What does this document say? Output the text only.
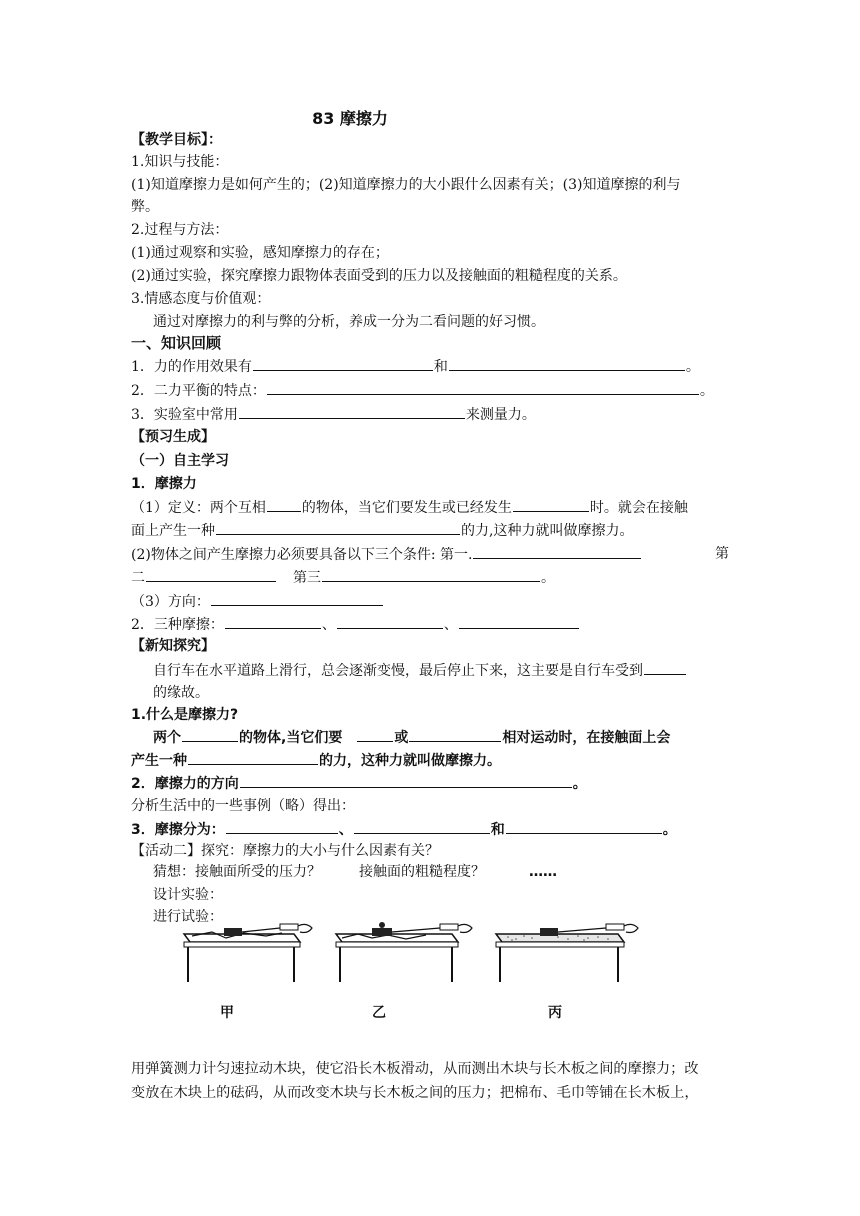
83 摩擦力
【教学目标】：
1.知识与技能：
(1)知道摩擦力是如何产生的；(2)知道摩擦力的大小跟什么因素有关；(3)知道摩擦的利与
弊。
2.过程与方法：
(1)通过观察和实验，感知摩擦力的存在；
(2)通过实验，探究摩擦力跟物体表面受到的压力以及接触面的粗糙程度的关系。
3.情感态度与价值观：
通过对摩擦力的利与弊的分析，养成一分为二看问题的好习惯。
一、知识回顾
1．力的作用效果有	和	。
2．二力平衡的特点：	。
3．实验室中常用	来测量力。
【预习生成】
（一）自主学习
1．摩擦力
（1）定义：两个互相	的物体，当它们要发生或已经发生	时。就会在接触
面上产生一种	的力,这种力就叫做摩擦力。
(2)物体之间产生摩擦力必须要具备以下三个条件: 第一.	第
二	第三	。
（3）方向：
2．三种摩擦：	、	、
【新知探究】
自行车在水平道路上滑行，总会逐渐变慢，最后停止下来，这主要是自行车受到
的缘故。
1.什么是摩擦力?
两个	的物体,当它们要	或	相对运动时，在接触面上会
产生一种	的力，这种力就叫做摩擦力。
2．摩擦力的方向	。
分析生活中的一些事例（略）得出：
3．摩擦分为：	、	和	。
【活动二】探究：摩擦力的大小与什么因素有关？
猜想：接触面所受的压力？	接触面的粗糙程度？	……
设计实验：
进行试验：
甲	乙	丙
用弹簧测力计匀速拉动木块，使它沿长木板滑动，从而测出木块与长木板之间的摩擦力；改
变放在木块上的砝码，从而改变木块与长木板之间的压力；把棉布、毛巾等铺在长木板上，
